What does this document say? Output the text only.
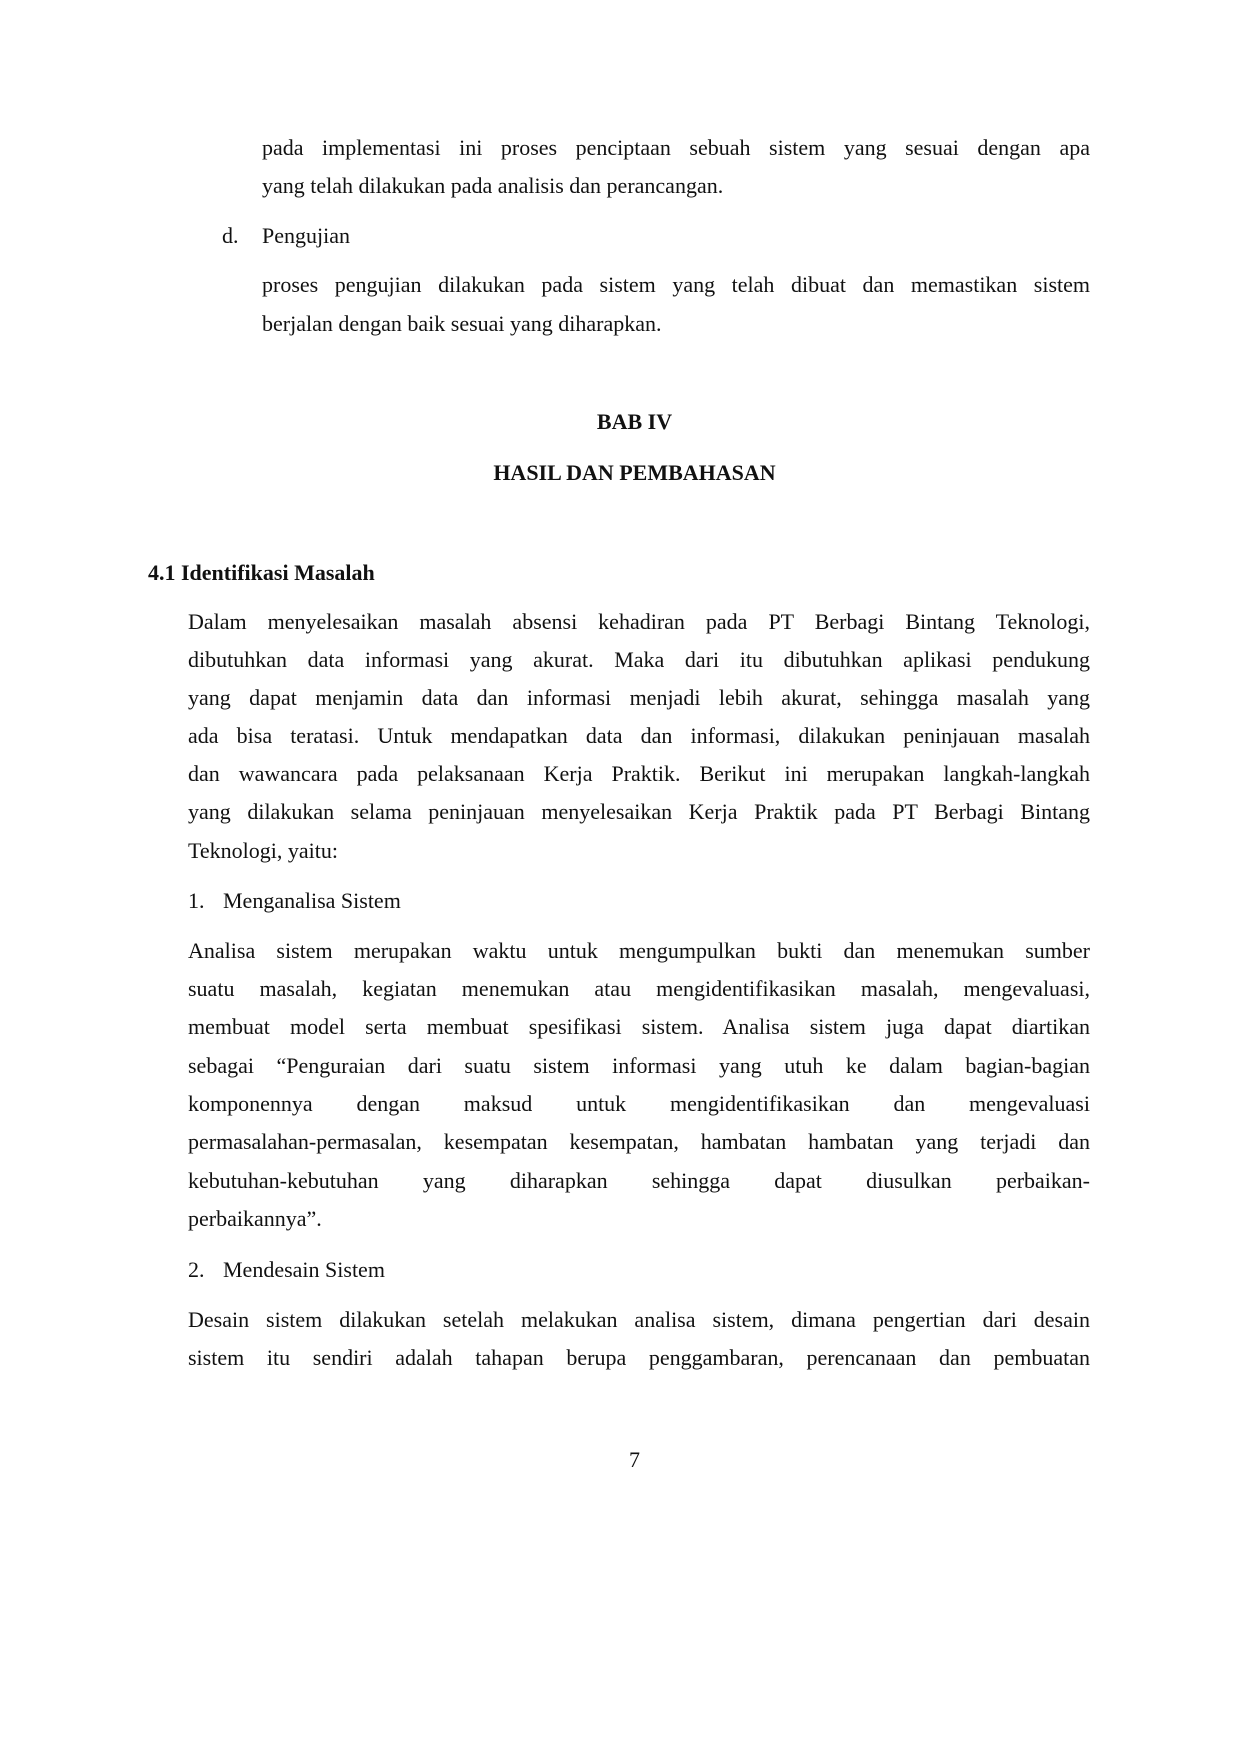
pada implementasi ini proses penciptaan sebuah sistem yang sesuai dengan apa
yang telah dilakukan pada analisis dan perancangan.
d. Pengujian
proses pengujian dilakukan pada sistem yang telah dibuat dan memastikan sistem
berjalan dengan baik sesuai yang diharapkan.
BAB IV
HASIL DAN PEMBAHASAN
4.1 Identifikasi Masalah
Dalam menyelesaikan masalah absensi kehadiran pada PT Berbagi Bintang Teknologi,
dibutuhkan data informasi yang akurat. Maka dari itu dibutuhkan aplikasi pendukung
yang dapat menjamin data dan informasi menjadi lebih akurat, sehingga masalah yang
ada bisa teratasi. Untuk mendapatkan data dan informasi, dilakukan peninjauan masalah
dan wawancara pada pelaksanaan Kerja Praktik. Berikut ini merupakan langkah-langkah
yang dilakukan selama peninjauan menyelesaikan Kerja Praktik pada PT Berbagi Bintang
Teknologi, yaitu:
1. Menganalisa Sistem
Analisa sistem merupakan waktu untuk mengumpulkan bukti dan menemukan sumber
suatu masalah, kegiatan menemukan atau mengidentifikasikan masalah, mengevaluasi,
membuat model serta membuat spesifikasi sistem. Analisa sistem juga dapat diartikan
sebagai “Penguraian dari suatu sistem informasi yang utuh ke dalam bagian-bagian
komponennya dengan maksud untuk mengidentifikasikan dan mengevaluasi
permasalahan-permasalan, kesempatan kesempatan, hambatan hambatan yang terjadi dan
kebutuhan-kebutuhan yang diharapkan sehingga dapat diusulkan perbaikan-
perbaikannya”.
2. Mendesain Sistem
Desain sistem dilakukan setelah melakukan analisa sistem, dimana pengertian dari desain
sistem itu sendiri adalah tahapan berupa penggambaran, perencanaan dan pembuatan
7
